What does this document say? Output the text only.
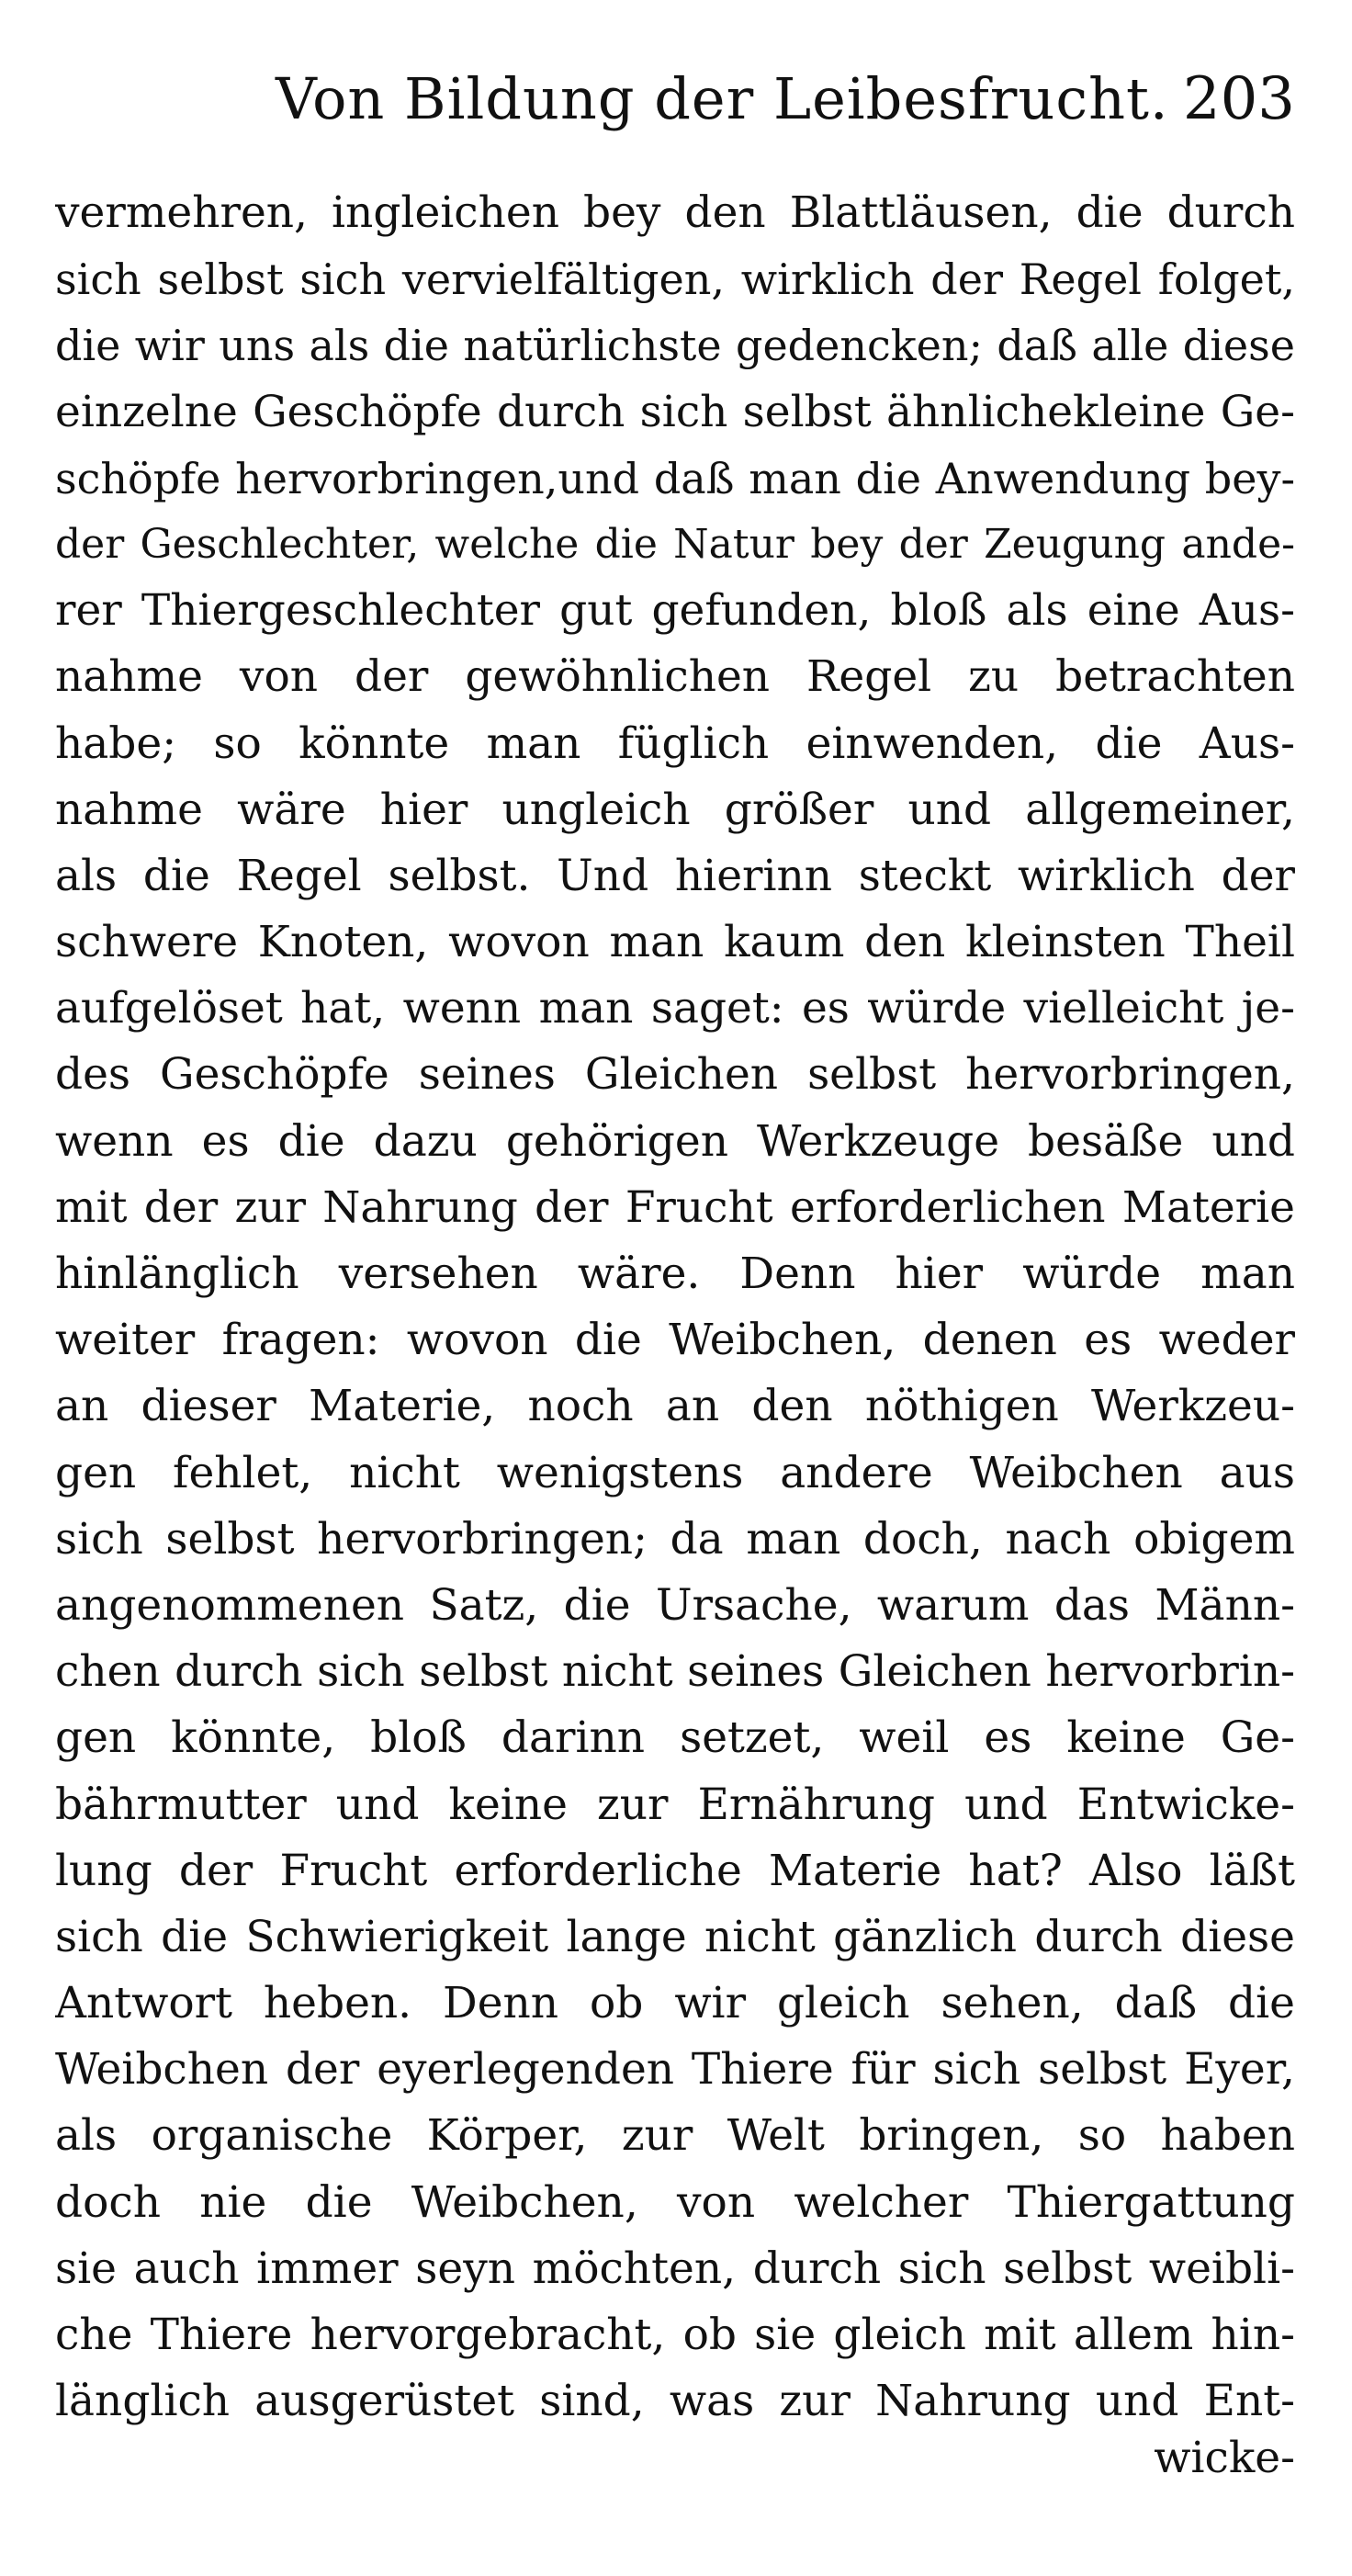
Von Bildung der Leibesfrucht. 203
vermehren, ingleichen bey den Blattläusen, die durch
sich selbst sich vervielfältigen, wirklich der Regel folget,
die wir uns als die natürlichste gedencken; daß alle diese
einzelne Geschöpfe durch sich selbst ähnlichekleine Ge-
schöpfe hervorbringen,und daß man die Anwendung bey-
der Geschlechter, welche die Natur bey der Zeugung ande-
rer Thiergeschlechter gut gefunden, bloß als eine Aus-
nahme von der gewöhnlichen Regel zu betrachten
habe; so könnte man füglich einwenden, die Aus-
nahme wäre hier ungleich größer und allgemeiner,
als die Regel selbst. Und hierinn steckt wirklich der
schwere Knoten, wovon man kaum den kleinsten Theil
aufgelöset hat, wenn man saget: es würde vielleicht je-
des Geschöpfe seines Gleichen selbst hervorbringen,
wenn es die dazu gehörigen Werkzeuge besäße und
mit der zur Nahrung der Frucht erforderlichen Materie
hinlänglich versehen wäre. Denn hier würde man
weiter fragen: wovon die Weibchen, denen es weder
an dieser Materie, noch an den nöthigen Werkzeu-
gen fehlet, nicht wenigstens andere Weibchen aus
sich selbst hervorbringen; da man doch, nach obigem
angenommenen Satz, die Ursache, warum das Männ-
chen durch sich selbst nicht seines Gleichen hervorbrin-
gen könnte, bloß darinn setzet, weil es keine Ge-
bährmutter und keine zur Ernährung und Entwicke-
lung der Frucht erforderliche Materie hat? Also läßt
sich die Schwierigkeit lange nicht gänzlich durch diese
Antwort heben. Denn ob wir gleich sehen, daß die
Weibchen der eyerlegenden Thiere für sich selbst Eyer,
als organische Körper, zur Welt bringen, so haben
doch nie die Weibchen, von welcher Thiergattung
sie auch immer seyn möchten, durch sich selbst weibli-
che Thiere hervorgebracht, ob sie gleich mit allem hin-
länglich ausgerüstet sind, was zur Nahrung und Ent-
wicke-
